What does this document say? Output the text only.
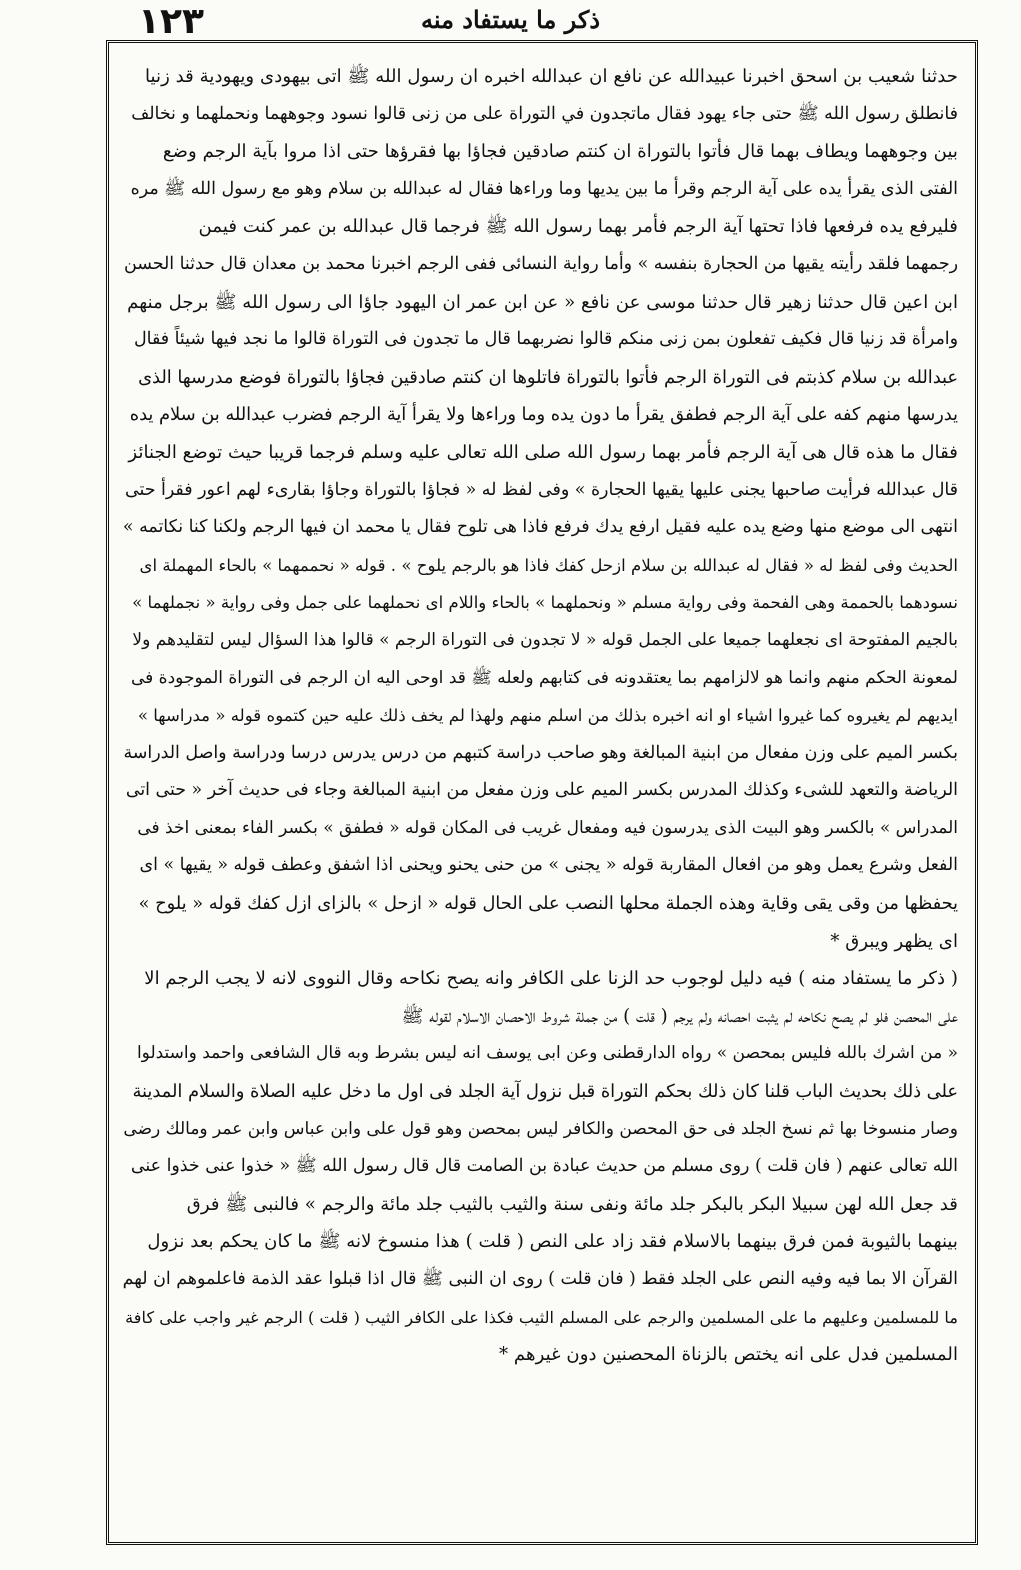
١٢٣	ذكر ما يستفاد منه
حدثنا شعيب بن اسحق اخبرنا عبيدالله عن نافع ان عبدالله اخبره ان رسول الله ﷺ اتى بيهودى ويهودية قد زنيا
فانطلق رسول الله ﷺ حتى جاء يهود فقال ماتجدون في التوراة على من زنى قالوا نسود وجوههما ونحملهما و نخالف
بين وجوههما ويطاف بهما قال فأتوا بالتوراة ان كنتم صادقين فجاؤا بها فقرؤها حتى اذا مروا بآية الرجم وضع
الفتى الذى يقرأ يده على آية الرجم وقرأ ما بين يديها وما وراءها فقال له عبدالله بن سلام وهو مع رسول الله ﷺ مره
فليرفع يده فرفعها فاذا تحتها آية الرجم فأمر بهما رسول الله ﷺ فرجما قال عبدالله بن عمر كنت فيمن
رجمهما فلقد رأيته يقيها من الحجارة بنفسه » وأما رواية النسائى ففى الرجم اخبرنا محمد بن معدان قال حدثنا الحسن
ابن اعين قال حدثنا زهير قال حدثنا موسى عن نافع « عن ابن عمر ان اليهود جاؤا الى رسول الله ﷺ برجل منهم
وامرأة قد زنيا قال فكيف تفعلون بمن زنى منكم قالوا نضربهما قال ما تجدون فى التوراة قالوا ما نجد فيها شيئاً فقال
عبدالله بن سلام كذبتم فى التوراة الرجم فأتوا بالتوراة فاتلوها ان كنتم صادقين فجاؤا بالتوراة فوضع مدرسها الذى
يدرسها منهم كفه على آية الرجم فطفق يقرأ ما دون يده وما وراءها ولا يقرأ آية الرجم فضرب عبدالله بن سلام يده
فقال ما هذه قال هى آية الرجم فأمر بهما رسول الله صلى الله تعالى عليه وسلم فرجما قريبا حيث توضع الجنائز
قال عبدالله فرأيت صاحبها يجنى عليها يقيها الحجارة » وفى لفظ له « فجاؤا بالتوراة وجاؤا بقارىء لهم اعور فقرأ حتى
انتهى الى موضع منها وضع يده عليه فقيل ارفع يدك فرفع فاذا هى تلوح فقال يا محمد ان فيها الرجم ولكنا كنا نكاتمه »
الحديث وفى لفظ له « فقال له عبدالله بن سلام ازحل كفك فاذا هو بالرجم يلوح » . قوله « نحممهما » بالحاء المهملة اى
نسودهما بالحممة وهى الفحمة وفى رواية مسلم « ونحملهما » بالحاء واللام اى نحملهما على جمل وفى رواية « نجملهما »
بالجيم المفتوحة اى نجعلهما جميعا على الجمل قوله « لا تجدون فى التوراة الرجم » قالوا هذا السؤال ليس لتقليدهم ولا
لمعونة الحكم منهم وانما هو لالزامهم بما يعتقدونه فى كتابهم ولعله ﷺ قد اوحى اليه ان الرجم فى التوراة الموجودة فى
ايديهم لم يغيروه كما غيروا اشياء او انه اخبره بذلك من اسلم منهم ولهذا لم يخف ذلك عليه حين كتموه قوله « مدراسها »
بكسر الميم على وزن مفعال من ابنية المبالغة وهو صاحب دراسة كتبهم من درس يدرس درسا ودراسة واصل الدراسة
الرياضة والتعهد للشىء وكذلك المدرس بكسر الميم على وزن مفعل من ابنية المبالغة وجاء فى حديث آخر « حتى اتى
المدراس » بالكسر وهو البيت الذى يدرسون فيه ومفعال غريب فى المكان قوله « فطفق » بكسر الفاء بمعنى اخذ فى
الفعل وشرع يعمل وهو من افعال المقاربة قوله « يجنى » من حنى يحنو ويحنى اذا اشفق وعطف قوله « يقيها » اى
يحفظها من وقى يقى وقاية وهذه الجملة محلها النصب على الحال قوله « ازحل » بالزاى ازل كفك قوله « يلوح »
اى يظهر ويبرق *
( ذكر ما يستفاد منه ) فيه دليل لوجوب حد الزنا على الكافر وانه يصح نكاحه وقال النووى لانه لا يجب الرجم الا
على المحصن فلو لم يصح نكاحه لم يثبت احصانه ولم يرجم ( قلت ) من جملة شروط الاحصان الاسلام لقوله ﷺ
« من اشرك بالله فليس بمحصن » رواه الدارقطنى وعن ابى يوسف انه ليس بشرط وبه قال الشافعى واحمد واستدلوا
على ذلك بحديث الباب قلنا كان ذلك بحكم التوراة قبل نزول آية الجلد فى اول ما دخل عليه الصلاة والسلام المدينة
وصار منسوخا بها ثم نسخ الجلد فى حق المحصن والكافر ليس بمحصن وهو قول على وابن عباس وابن عمر ومالك رضى
الله تعالى عنهم ( فان قلت ) روى مسلم من حديث عبادة بن الصامت قال قال رسول الله ﷺ « خذوا عنى خذوا عنى
قد جعل الله لهن سبيلا البكر بالبكر جلد مائة ونفى سنة والثيب بالثيب جلد مائة والرجم » فالنبى ﷺ فرق
بينهما بالثيوبة فمن فرق بينهما بالاسلام فقد زاد على النص ( قلت ) هذا منسوخ لانه ﷺ ما كان يحكم بعد نزول
القرآن الا بما فيه وفيه النص على الجلد فقط ( فان قلت ) روى ان النبى ﷺ قال اذا قبلوا عقد الذمة فاعلموهم ان لهم
ما للمسلمين وعليهم ما على المسلمين والرجم على المسلم الثيب فكذا على الكافر الثيب ( قلت ) الرجم غير واجب على كافة
المسلمين فدل على انه يختص بالزناة المحصنين دون غيرهم *
